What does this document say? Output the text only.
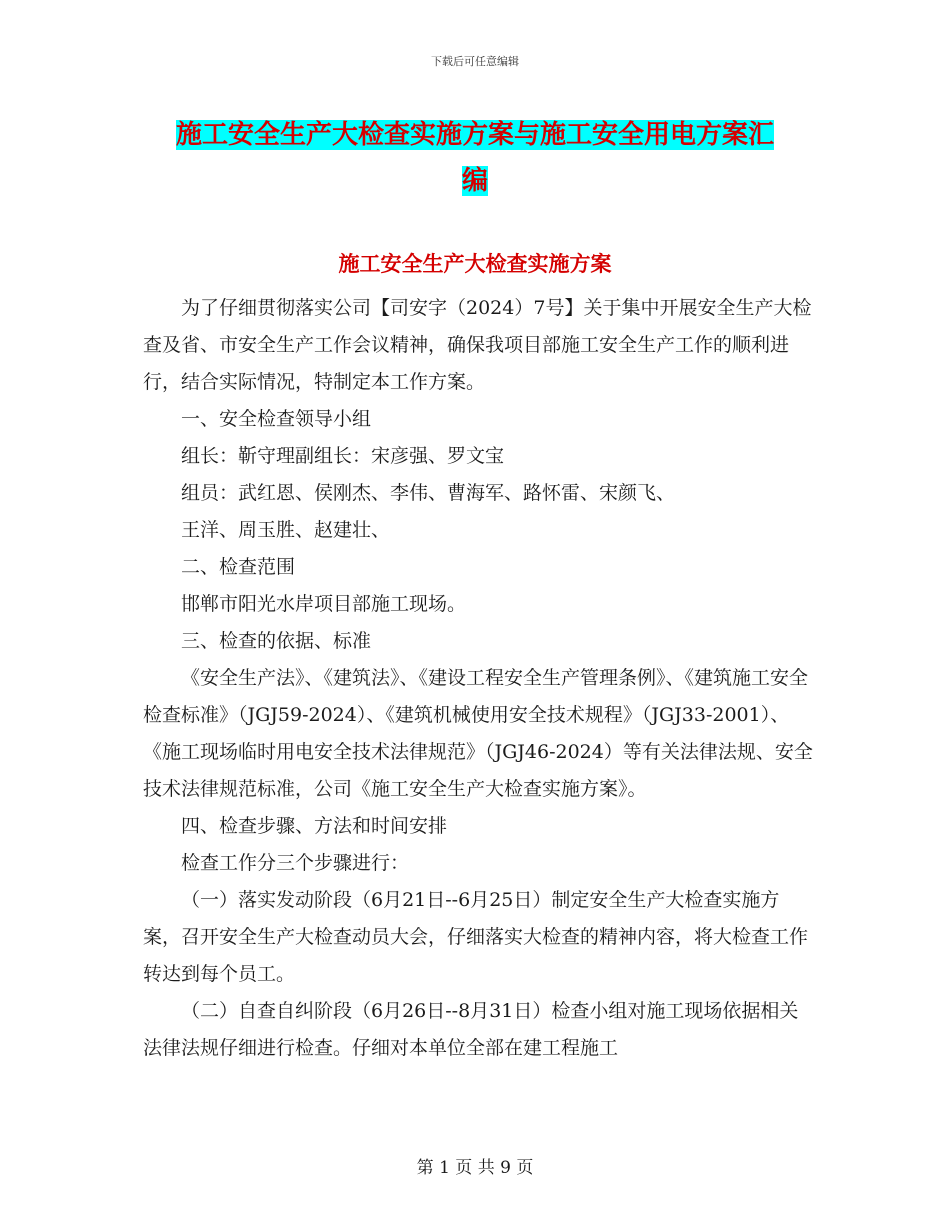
下载后可任意编辑
施工安全生产大检查实施方案与施工安全用电方案汇
编
施工安全生产大检查实施方案

为了仔细贯彻落实公司【司安字（2024）7号】关于集中开展安全生产大检查及省、市安全生产工作会议精神，确保我项目部施工安全生产工作的顺利进行，结合实际情况，特制定本工作方案。

一、安全检查领导小组

组长：靳守理副组长：宋彦强、罗文宝

组员：武红恩、侯刚杰、李伟、曹海军、路怀雷、宋颜飞、

王洋、周玉胜、赵建壮、

二、检查范围

邯郸市阳光水岸项目部施工现场。

三、检查的依据、标准

《安全生产法》、《建筑法》、《建设工程安全生产管理条例》、《建筑施工安全检查标准》（JGJ59-2024）、《建筑机械使用安全技术规程》（JGJ33-2001）、《施工现场临时用电安全技术法律规范》（JGJ46-2024）等有关法律法规、安全技术法律规范标准，公司《施工安全生产大检查实施方案》。

四、检查步骤、方法和时间安排

检查工作分三个步骤进行：

（一）落实发动阶段（6月21日--6月25日）制定安全生产大检查实施方案，召开安全生产大检查动员大会，仔细落实大检查的精神内容，将大检查工作转达到每个员工。

（二）自查自纠阶段（6月26日--8月31日）检查小组对施工现场依据相关法律法规仔细进行检查。仔细对本单位全部在建工程施工

第 1 页 共 9 页
